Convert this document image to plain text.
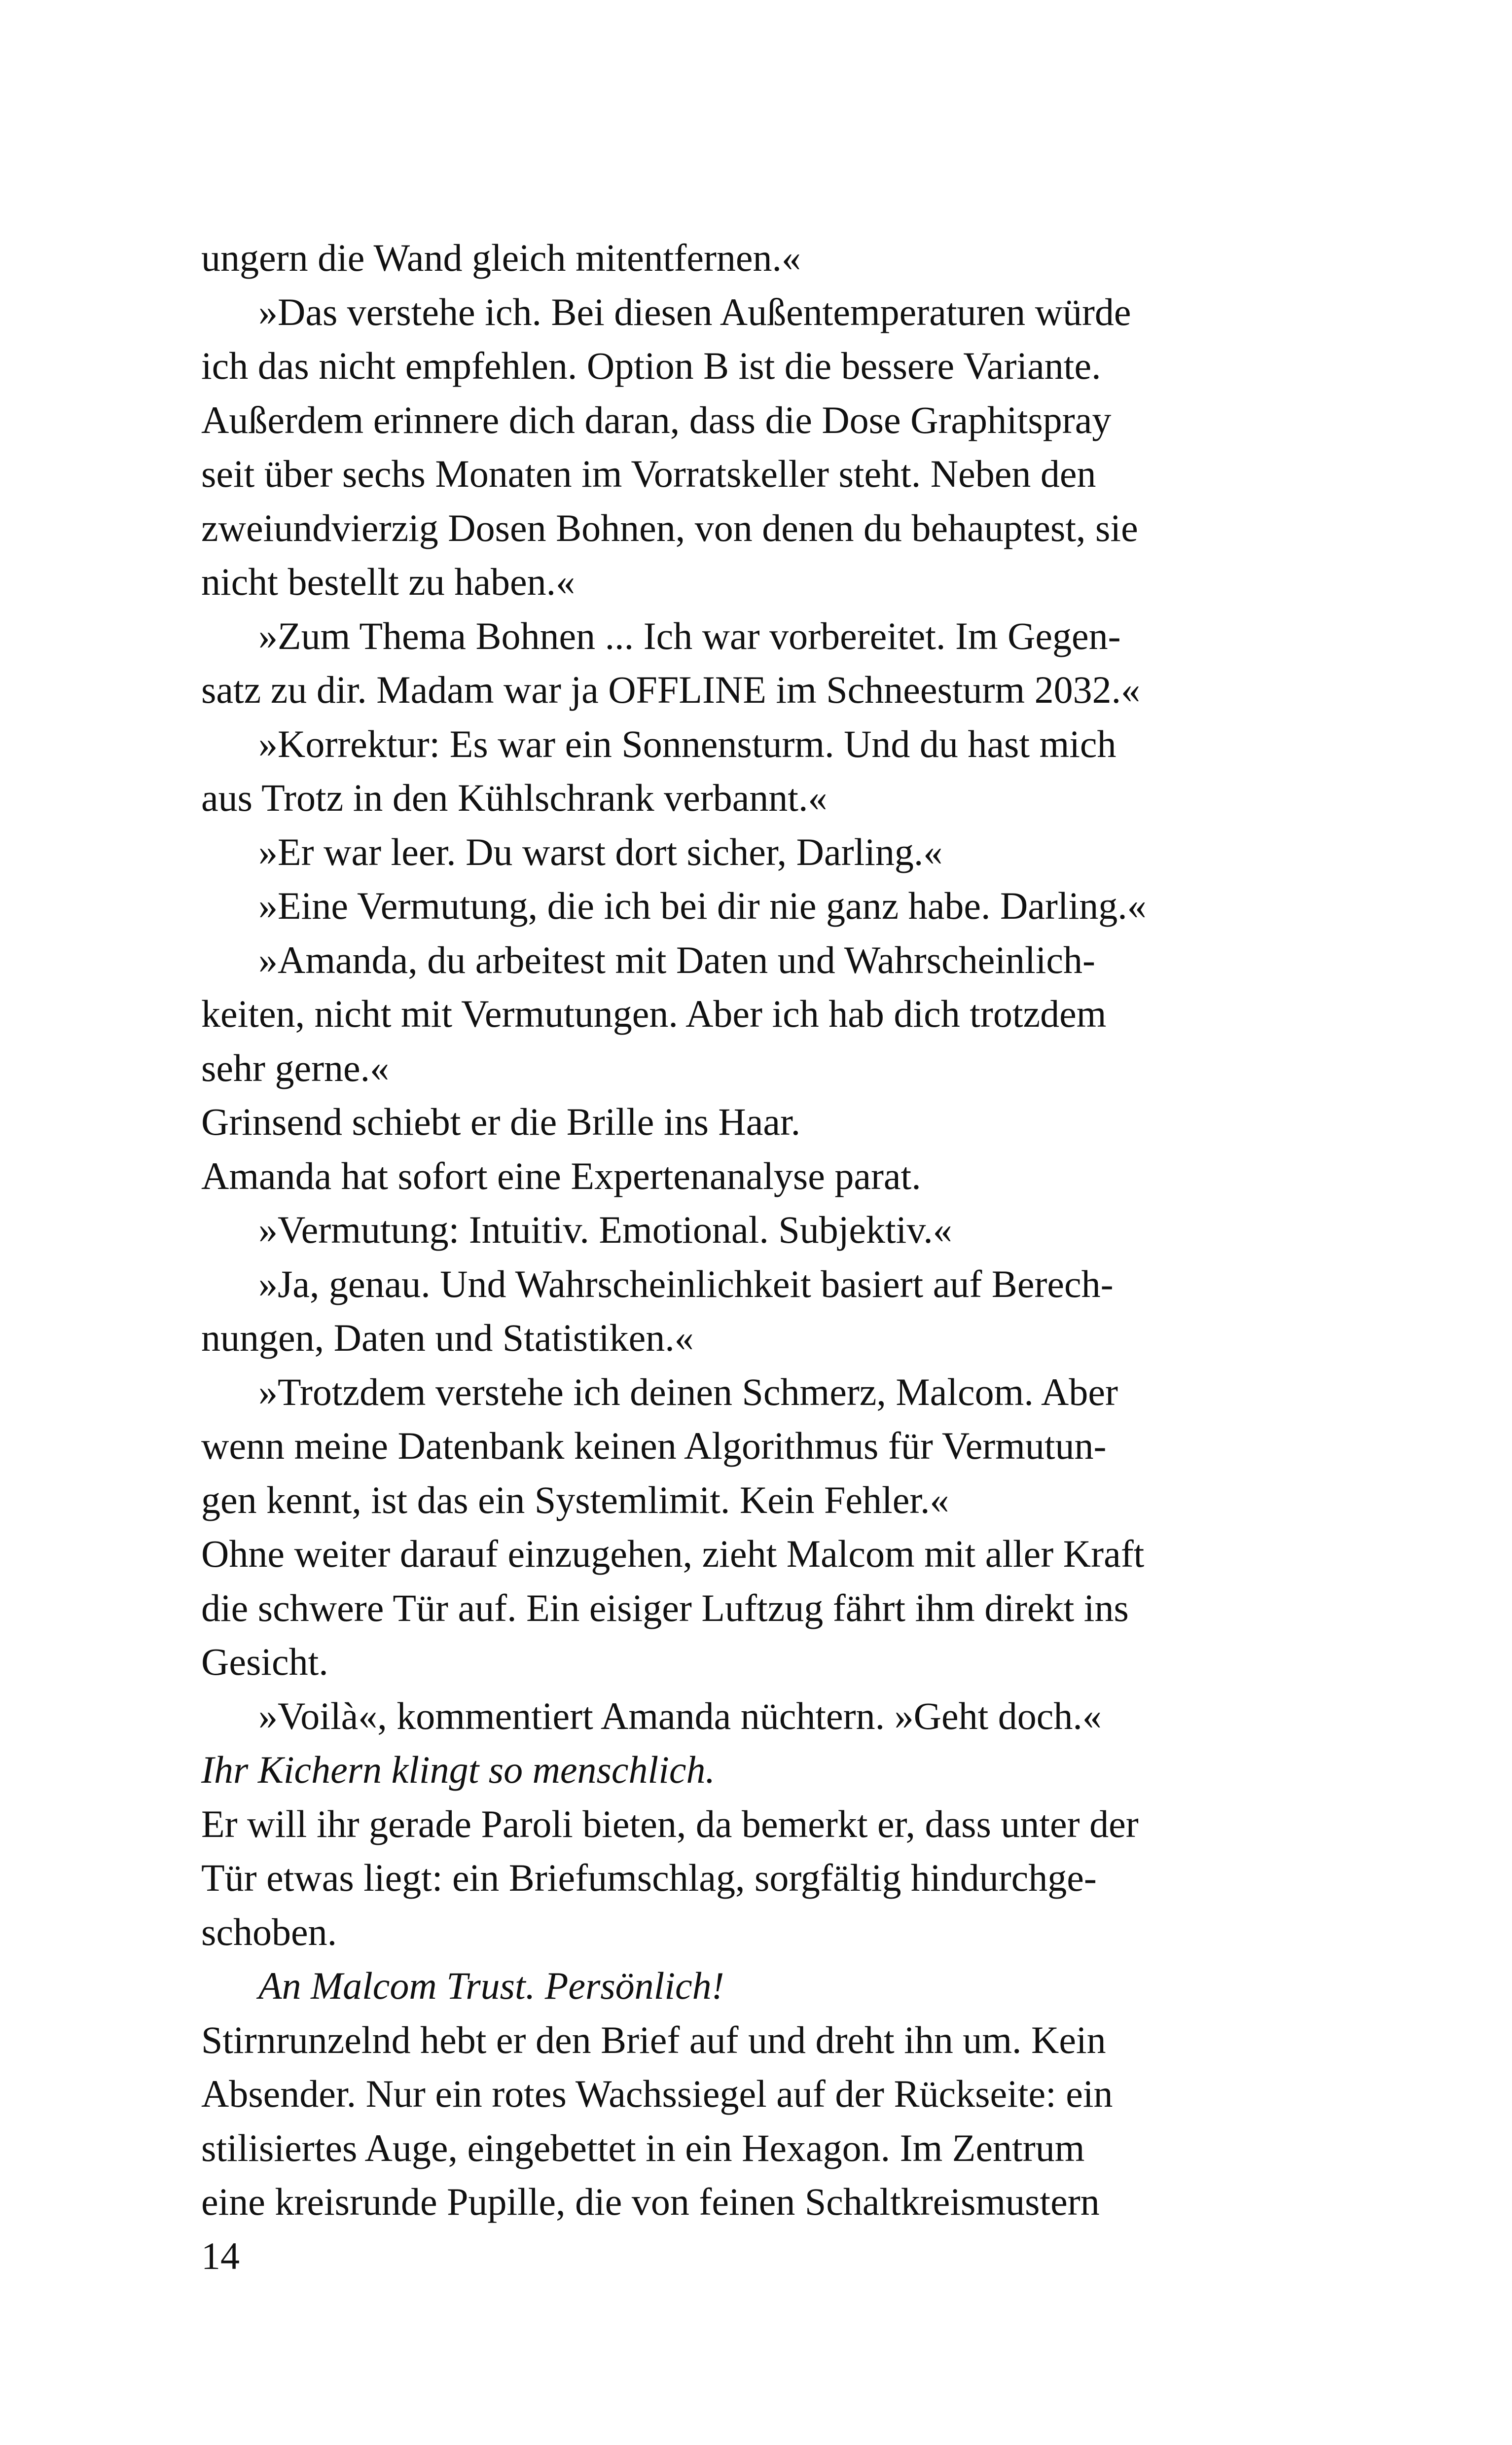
ungern die Wand gleich mitentfernen.«
»Das verstehe ich. Bei diesen Außentemperaturen würde
ich das nicht empfehlen. Option B ist die bessere Variante.
Außerdem erinnere dich daran, dass die Dose Graphitspray
seit über sechs Monaten im Vorratskeller steht. Neben den
zweiundvierzig Dosen Bohnen, von denen du behauptest, sie
nicht bestellt zu haben.«
»Zum Thema Bohnen ... Ich war vorbereitet. Im Gegen-
satz zu dir. Madam war ja OFFLINE im Schneesturm 2032.«
»Korrektur: Es war ein Sonnensturm. Und du hast mich
aus Trotz in den Kühlschrank verbannt.«
»Er war leer. Du warst dort sicher, Darling.«
»Eine Vermutung, die ich bei dir nie ganz habe. Darling.«
»Amanda, du arbeitest mit Daten und Wahrscheinlich-
keiten, nicht mit Vermutungen. Aber ich hab dich trotzdem
sehr gerne.«
Grinsend schiebt er die Brille ins Haar.
Amanda hat sofort eine Expertenanalyse parat.
»Vermutung: Intuitiv. Emotional. Subjektiv.«
»Ja, genau. Und Wahrscheinlichkeit basiert auf Berech-
nungen, Daten und Statistiken.«
»Trotzdem verstehe ich deinen Schmerz, Malcom. Aber
wenn meine Datenbank keinen Algorithmus für Vermutun-
gen kennt, ist das ein Systemlimit. Kein Fehler.«
Ohne weiter darauf einzugehen, zieht Malcom mit aller Kraft
die schwere Tür auf. Ein eisiger Luftzug fährt ihm direkt ins
Gesicht.
»Voilà«, kommentiert Amanda nüchtern. »Geht doch.«
Ihr Kichern klingt so menschlich.
Er will ihr gerade Paroli bieten, da bemerkt er, dass unter der
Tür etwas liegt: ein Briefumschlag, sorgfältig hindurchge-
schoben.
An Malcom Trust. Persönlich!
Stirnrunzelnd hebt er den Brief auf und dreht ihn um. Kein
Absender. Nur ein rotes Wachssiegel auf der Rückseite: ein
stilisiertes Auge, eingebettet in ein Hexagon. Im Zentrum
eine kreisrunde Pupille, die von feinen Schaltkreismustern
14
